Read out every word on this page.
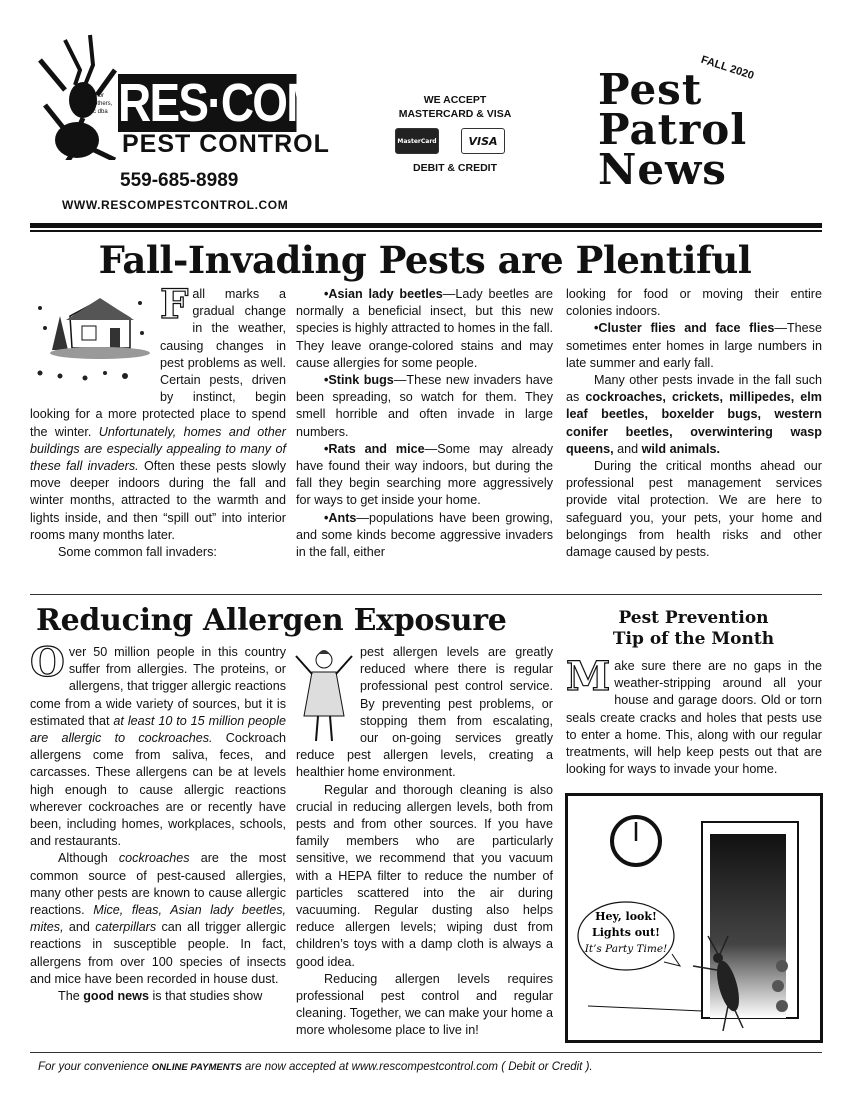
Taylor Brothers, Inc dba RES·COM
PEST CONTROL
559-685-8989
WWW.RESCOMPESTCONTROL.COM
WE ACCEPT
MASTERCARD & VISA
MasterCard	VISA
DEBIT & CREDIT
FALL 2020
Pest
Patrol
News
Fall-Invading Pests are Plentiful

Fall marks a gradual change in the weather, causing changes in pest problems as well. Certain pests, driven by instinct, begin looking for a more protected place to spend the winter. Unfortunately, homes and other buildings are especially appealing to many of these fall invaders. Often these pests slowly move deeper indoors during the fall and winter months, attracted to the warmth and lights inside, and then “spill out” into interior rooms many months later.

Some common fall invaders:

•Asian lady beetles—Lady beetles are normally a beneficial insect, but this new species is highly attracted to homes in the fall. They leave orange-colored stains and may cause allergies for some people.

•Stink bugs—These new invaders have been spreading, so watch for them. They smell horrible and often invade in large numbers.

•Rats and mice—Some may already have found their way indoors, but during the fall they begin searching more aggressively for ways to get inside your home.

•Ants—populations have been growing, and some kinds become aggressive invaders in the fall, either

looking for food or moving their entire colonies indoors.

•Cluster flies and face flies—These sometimes enter homes in large numbers in late summer and early fall.

Many other pests invade in the fall such as cockroaches, crickets, millipedes, elm leaf beetles, boxelder bugs, western conifer beetles, overwintering wasp queens, and wild animals.

During the critical months ahead our professional pest management services provide vital protection. We are here to safeguard you, your pets, your home and belongings from health risks and other damage caused by pests.

Reducing Allergen Exposure

Over 50 million people in this country suffer from allergies. The proteins, or allergens, that trigger allergic reactions come from a wide variety of sources, but it is estimated that at least 10 to 15 million people are allergic to cockroaches. Cockroach allergens come from saliva, feces, and carcasses. These allergens can be at levels high enough to cause allergic reactions wherever cockroaches are or recently have been, including homes, workplaces, schools, and restaurants.

Although cockroaches are the most common source of pest-caused allergies, many other pests are known to cause allergic reactions. Mice, fleas, Asian lady beetles, mites, and caterpillars can all trigger allergic reactions in susceptible people. In fact, allergens from over 100 species of insects and mice have been recorded in house dust.

The good news is that studies show

pest allergen levels are greatly reduced where there is regular professional pest control service. By preventing pest problems, or stopping them from escalating, our on-going services greatly reduce pest allergen levels, creating a healthier home environment.

Regular and thorough cleaning is also crucial in reducing allergen levels, both from pests and from other sources. If you have family members who are particularly sensitive, we recommend that you vacuum with a HEPA filter to reduce the number of particles scattered into the air during vacuuming. Regular dusting also helps reduce allergen levels; wiping dust from children’s toys with a damp cloth is always a good idea.

Reducing allergen levels requires professional pest control and regular cleaning. Together, we can make your home a more wholesome place to live in!

Pest Prevention
Tip of the Month

Make sure there are no gaps in the weather-stripping around all your house and garage doors. Old or torn seals create cracks and holes that pests use to enter a home. This, along with our regular treatments, will help keep pests out that are looking for ways to invade your home.

Hey, look!
Lights out!
It’s Party Time!
For your convenience ONLINE PAYMENTS are now accepted at www.rescompestcontrol.com ( Debit or Credit ).
